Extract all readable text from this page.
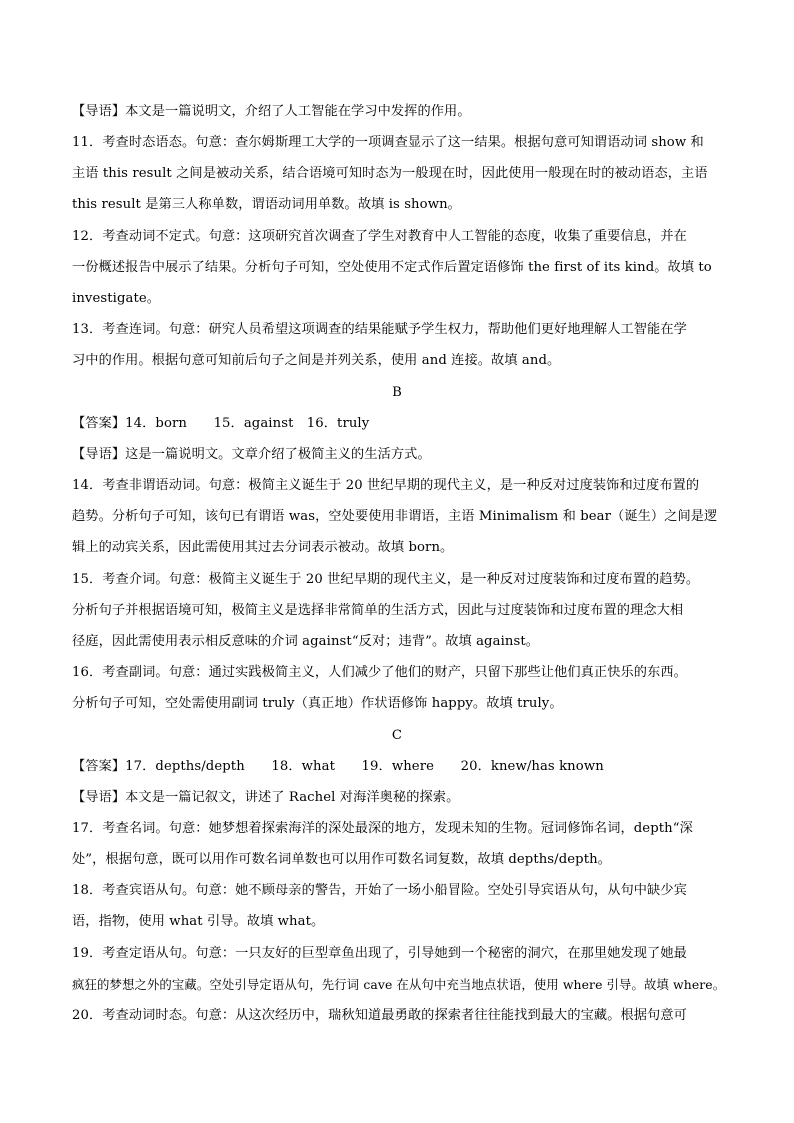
【导语】本文是一篇说明文，介绍了人工智能在学习中发挥的作用。
11．考查时态语态。句意：查尔姆斯理工大学的一项调查显示了这一结果。根据句意可知谓语动词 show 和
主语 this result 之间是被动关系，结合语境可知时态为一般现在时，因此使用一般现在时的被动语态，主语
this result 是第三人称单数，谓语动词用单数。故填 is shown。
12．考查动词不定式。句意：这项研究首次调查了学生对教育中人工智能的态度，收集了重要信息，并在
一份概述报告中展示了结果。分析句子可知，空处使用不定式作后置定语修饰 the first of its kind。故填 to
investigate。
13．考查连词。句意：研究人员希望这项调查的结果能赋予学生权力，帮助他们更好地理解人工智能在学
习中的作用。根据句意可知前后句子之间是并列关系，使用 and 连接。故填 and。
B
【答案】14．born　　15．against　16．truly
【导语】这是一篇说明文。文章介绍了极简主义的生活方式。
14．考查非谓语动词。句意：极简主义诞生于 20 世纪早期的现代主义，是一种反对过度装饰和过度布置的
趋势。分析句子可知，该句已有谓语 was，空处要使用非谓语，主语 Minimalism 和 bear（诞生）之间是逻
辑上的动宾关系，因此需使用其过去分词表示被动。故填 born。
15．考查介词。句意：极简主义诞生于 20 世纪早期的现代主义，是一种反对过度装饰和过度布置的趋势。
分析句子并根据语境可知，极简主义是选择非常简单的生活方式，因此与过度装饰和过度布置的理念大相
径庭，因此需使用表示相反意味的介词 against“反对；违背”。故填 against。
16．考查副词。句意：通过实践极简主义，人们减少了他们的财产，只留下那些让他们真正快乐的东西。
分析句子可知，空处需使用副词 truly（真正地）作状语修饰 happy。故填 truly。
C
【答案】17．depths/depth　　18．what　　19．where　　20．knew/has known
【导语】本文是一篇记叙文，讲述了 Rachel 对海洋奥秘的探索。
17．考查名词。句意：她梦想着探索海洋的深处最深的地方，发现未知的生物。冠词修饰名词，depth“深
处”，根据句意，既可以用作可数名词单数也可以用作可数名词复数，故填 depths/depth。
18．考查宾语从句。句意：她不顾母亲的警告，开始了一场小船冒险。空处引导宾语从句，从句中缺少宾
语，指物，使用 what 引导。故填 what。
19．考查定语从句。句意：一只友好的巨型章鱼出现了，引导她到一个秘密的洞穴，在那里她发现了她最
疯狂的梦想之外的宝藏。空处引导定语从句，先行词 cave 在从句中充当地点状语，使用 where 引导。故填 where。
20．考查动词时态。句意：从这次经历中，瑞秋知道最勇敢的探索者往往能找到最大的宝藏。根据句意可
